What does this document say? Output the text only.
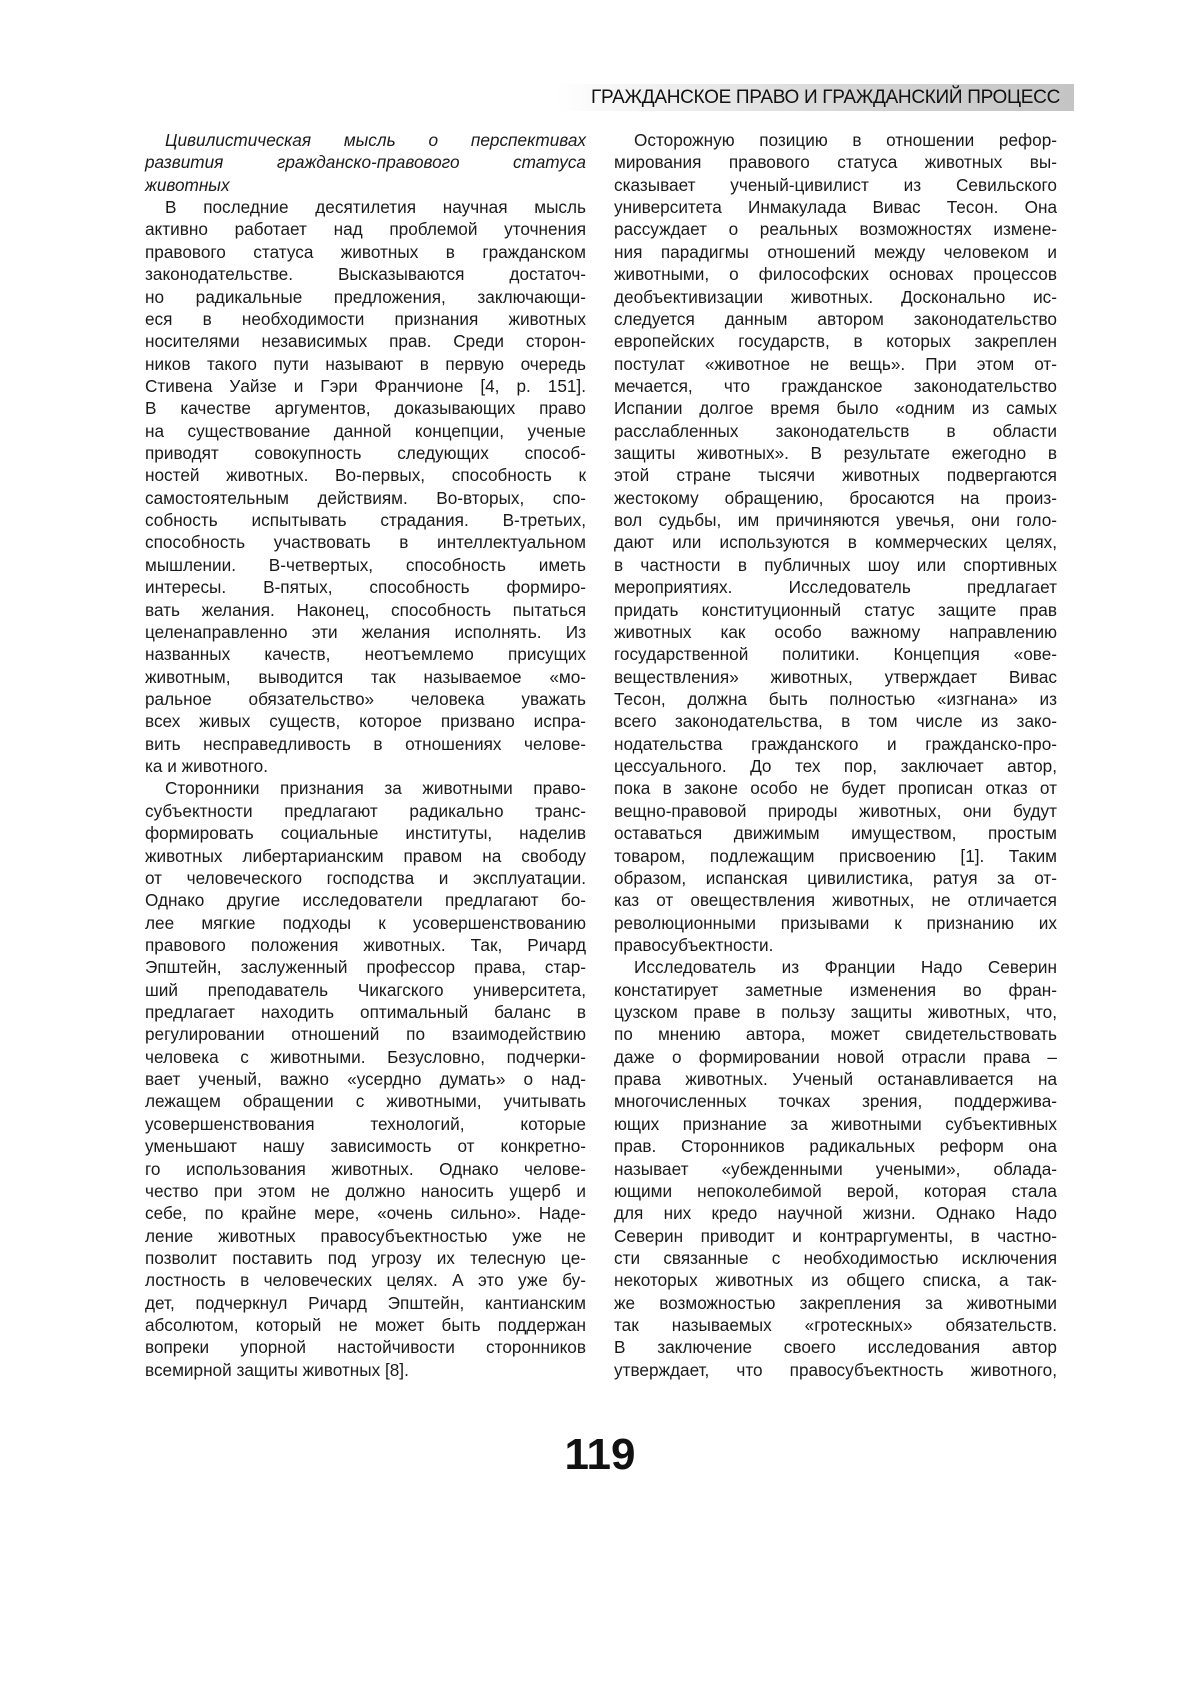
ГРАЖДАНСКОЕ ПРАВО И ГРАЖДАНСКИЙ ПРОЦЕСС
Цивилистическая мысль о перспективах
развития гражданско-правового статуса
животных
В последние десятилетия научная мысль
активно работает над проблемой уточнения
правового статуса животных в гражданском
законодательстве. Высказываются достаточ-
но радикальные предложения, заключающи-
еся в необходимости признания животных
носителями независимых прав. Среди сторон-
ников такого пути называют в первую очередь
Стивена Уайзе и Гэри Франчионе [4, p. 151].
В качестве аргументов, доказывающих право
на существование данной концепции, ученые
приводят совокупность следующих способ-
ностей животных. Во-первых, способность к
самостоятельным действиям. Во-вторых, спо-
собность испытывать страдания. В-третьих,
способность участвовать в интеллектуальном
мышлении. В-четвертых, способность иметь
интересы. В-пятых, способность формиро-
вать желания. Наконец, способность пытаться
целенаправленно эти желания исполнять. Из
названных качеств, неотъемлемо присущих
животным, выводится так называемое «мо-
ральное обязательство» человека уважать
всех живых существ, которое призвано испра-
вить несправедливость в отношениях челове-
ка и животного.
Сторонники признания за животными право-
субъектности предлагают радикально транс-
формировать социальные институты, наделив
животных либертарианским правом на свободу
от человеческого господства и эксплуатации.
Однако другие исследователи предлагают бо-
лее мягкие подходы к усовершенствованию
правового положения животных. Так, Ричард
Эпштейн, заслуженный профессор права, стар-
ший преподаватель Чикагского университета,
предлагает находить оптимальный баланс в
регулировании отношений по взаимодействию
человека с животными. Безусловно, подчерки-
вает ученый, важно «усердно думать» о над-
лежащем обращении с животными, учитывать
усовершенствования технологий, которые
уменьшают нашу зависимость от конкретно-
го использования животных. Однако челове-
чество при этом не должно наносить ущерб и
себе, по крайне мере, «очень сильно». Наде-
ление животных правосубъектностью уже не
позволит поставить под угрозу их телесную це-
лостность в человеческих целях. А это уже бу-
дет, подчеркнул Ричард Эпштейн, кантианским
абсолютом, который не может быть поддержан
вопреки упорной настойчивости сторонников
всемирной защиты животных [8].
Осторожную позицию в отношении рефор-
мирования правового статуса животных вы-
сказывает ученый-цивилист из Севильского
университета Инмакулада Вивас Тесон. Она
рассуждает о реальных возможностях измене-
ния парадигмы отношений между человеком и
животными, о философских основах процессов
деобъективизации животных. Досконально ис-
следуется данным автором законодательство
европейских государств, в которых закреплен
постулат «животное не вещь». При этом от-
мечается, что гражданское законодательство
Испании долгое время было «одним из самых
расслабленных законодательств в области
защиты животных». В результате ежегодно в
этой стране тысячи животных подвергаются
жестокому обращению, бросаются на произ-
вол судьбы, им причиняются увечья, они голо-
дают или используются в коммерческих целях,
в частности в публичных шоу или спортивных
мероприятиях. Исследователь предлагает
придать конституционный статус защите прав
животных как особо важному направлению
государственной политики. Концепция «ове-
веществления» животных, утверждает Вивас
Тесон, должна быть полностью «изгнана» из
всего законодательства, в том числе из зако-
нодательства гражданского и гражданско-про-
цессуального. До тех пор, заключает автор,
пока в законе особо не будет прописан отказ от
вещно-правовой природы животных, они будут
оставаться движимым имуществом, простым
товаром, подлежащим присвоению [1]. Таким
образом, испанская цивилистика, ратуя за от-
каз от овеществления животных, не отличается
революционными призывами к признанию их
правосубъектности.
Исследователь из Франции Надо Северин
констатирует заметные изменения во фран-
цузском праве в пользу защиты животных, что,
по мнению автора, может свидетельствовать
даже о формировании новой отрасли права –
права животных. Ученый останавливается на
многочисленных точках зрения, поддержива-
ющих признание за животными субъективных
прав. Сторонников радикальных реформ она
называет «убежденными учеными», облада-
ющими непоколебимой верой, которая стала
для них кредо научной жизни. Однако Надо
Северин приводит и контраргументы, в частно-
сти связанные с необходимостью исключения
некоторых животных из общего списка, а так-
же возможностью закрепления за животными
так называемых «гротескных» обязательств.
В заключение своего исследования автор
утверждает, что правосубъектность животного,
119
